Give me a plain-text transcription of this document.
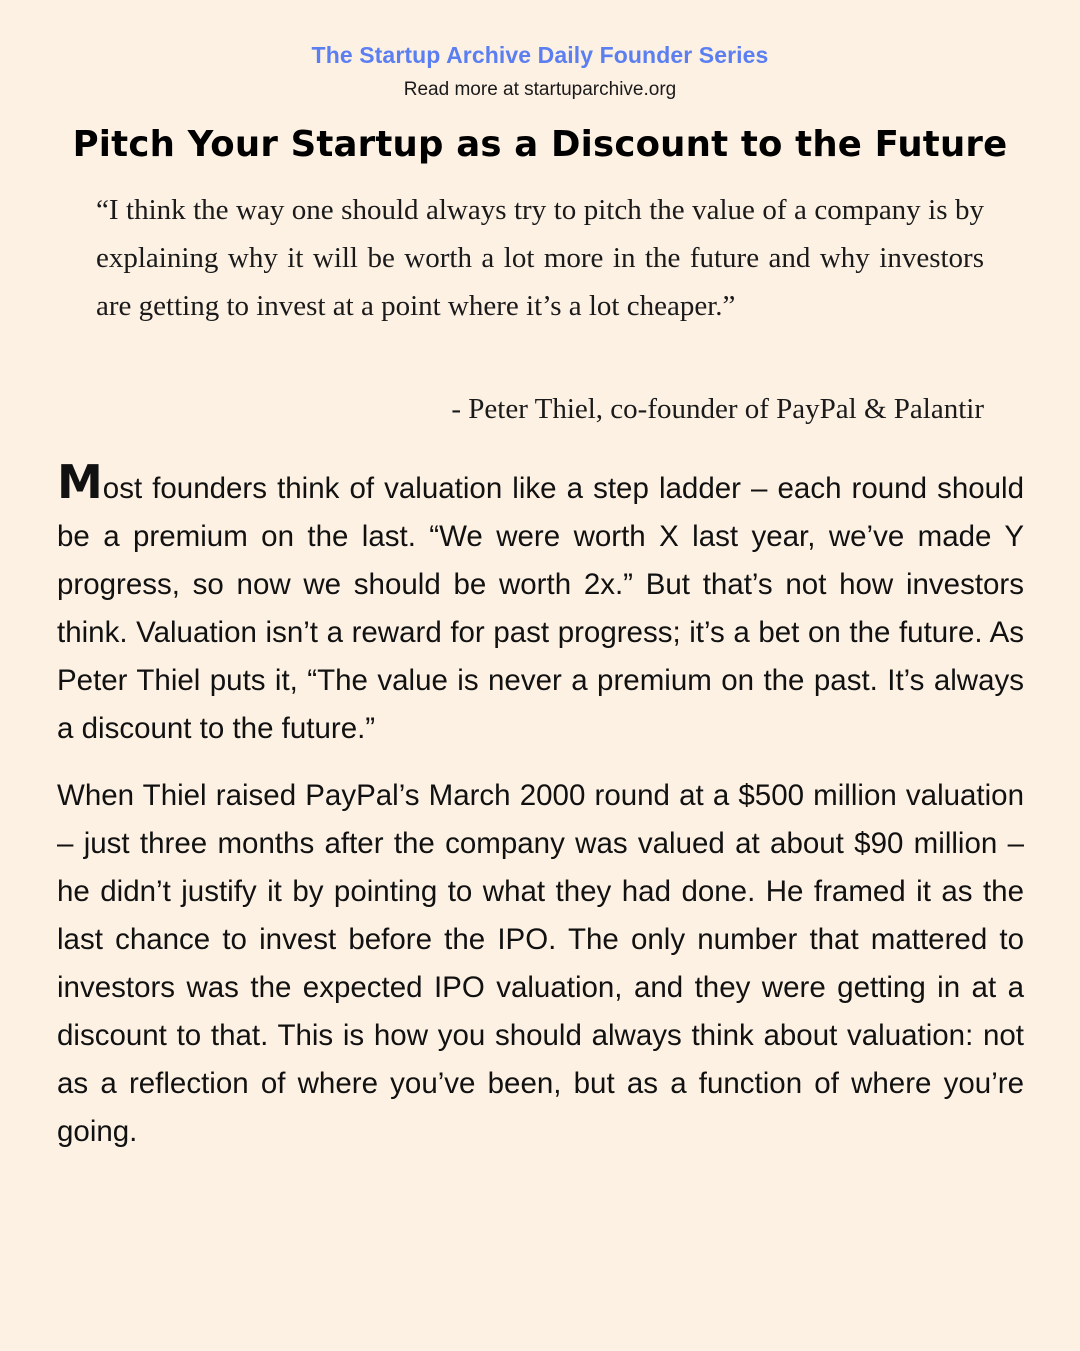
The Startup Archive Daily Founder Series
Read more at startuparchive.org
Pitch Your Startup as a Discount to the Future

“I think the way one should always try to pitch the value of a company is by explaining why it will be worth a lot more in the future and why investors are getting to invest at a point where it’s a lot cheaper.”

- Peter Thiel, co-founder of PayPal & Palantir

Most founders think of valuation like a step ladder – each round should be a premium on the last. “We were worth X last year, we’ve made Y progress, so now we should be worth 2x.” But that’s not how investors think. Valuation isn’t a reward for past progress; it’s a bet on the future. As Peter Thiel puts it, “The value is never a premium on the past. It’s always a discount to the future.”

When Thiel raised PayPal’s March 2000 round at a $500 million valuation – just three months after the company was valued at about $90 million – he didn’t justify it by pointing to what they had done. He framed it as the last chance to invest before the IPO. The only number that mattered to investors was the expected IPO valuation, and they were getting in at a discount to that. This is how you should always think about valuation: not as a reflection of where you’ve been, but as a function of where you’re going.
